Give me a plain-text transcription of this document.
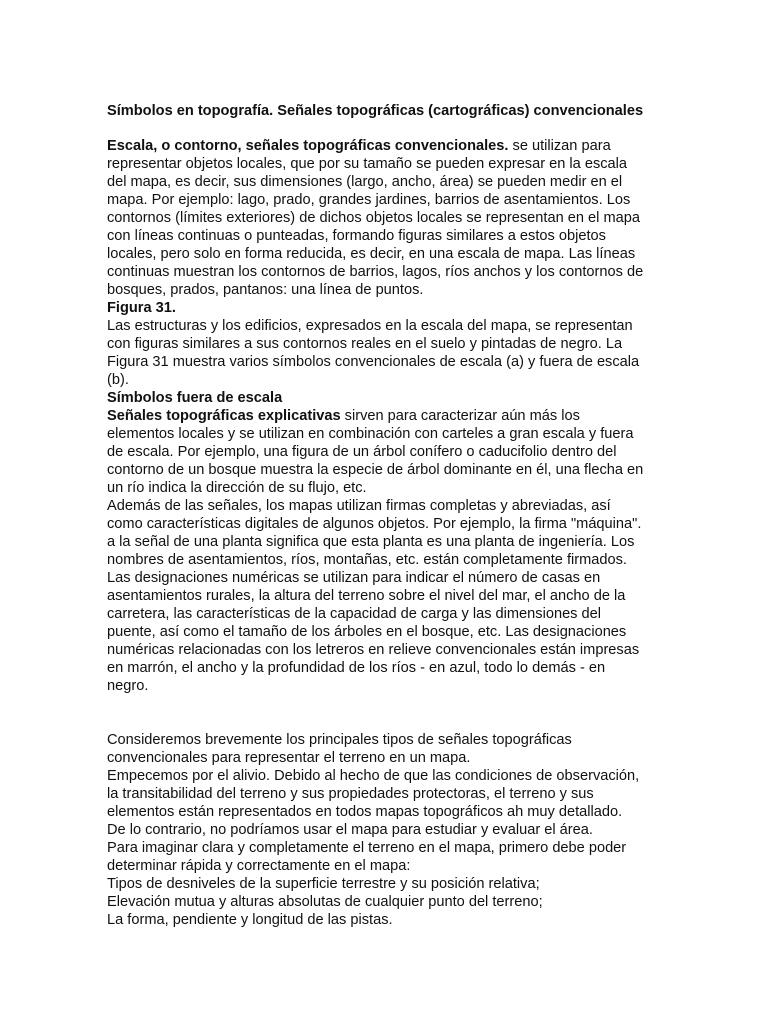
Símbolos en topografía. Señales topográficas (cartográficas) convencionales

Escala, o contorno, señales topográficas convencionales. se utilizan para

representar objetos locales, que por su tamaño se pueden expresar en la escala

del mapa, es decir, sus dimensiones (largo, ancho, área) se pueden medir en el

mapa. Por ejemplo: lago, prado, grandes jardines, barrios de asentamientos. Los

contornos (límites exteriores) de dichos objetos locales se representan en el mapa

con líneas continuas o punteadas, formando figuras similares a estos objetos

locales, pero solo en forma reducida, es decir, en una escala de mapa. Las líneas

continuas muestran los contornos de barrios, lagos, ríos anchos y los contornos de

bosques, prados, pantanos: una línea de puntos.

Figura 31.

Las estructuras y los edificios, expresados en la escala del mapa, se representan

con figuras similares a sus contornos reales en el suelo y pintadas de negro. La

Figura 31 muestra varios símbolos convencionales de escala (a) y fuera de escala

(b).

Símbolos fuera de escala

Señales topográficas explicativas sirven para caracterizar aún más los

elementos locales y se utilizan en combinación con carteles a gran escala y fuera

de escala. Por ejemplo, una figura de un árbol conífero o caducifolio dentro del

contorno de un bosque muestra la especie de árbol dominante en él, una flecha en

un río indica la dirección de su flujo, etc.

Además de las señales, los mapas utilizan firmas completas y abreviadas, así

como características digitales de algunos objetos. Por ejemplo, la firma "máquina".

a la señal de una planta significa que esta planta es una planta de ingeniería. Los

nombres de asentamientos, ríos, montañas, etc. están completamente firmados.

Las designaciones numéricas se utilizan para indicar el número de casas en

asentamientos rurales, la altura del terreno sobre el nivel del mar, el ancho de la

carretera, las características de la capacidad de carga y las dimensiones del

puente, así como el tamaño de los árboles en el bosque, etc. Las designaciones

numéricas relacionadas con los letreros en relieve convencionales están impresas

en marrón, el ancho y la profundidad de los ríos - en azul, todo lo demás - en

negro.

Consideremos brevemente los principales tipos de señales topográficas

convencionales para representar el terreno en un mapa.

Empecemos por el alivio. Debido al hecho de que las condiciones de observación,

la transitabilidad del terreno y sus propiedades protectoras, el terreno y sus

elementos están representados en todos mapas topográficos ah muy detallado.

De lo contrario, no podríamos usar el mapa para estudiar y evaluar el área.

Para imaginar clara y completamente el terreno en el mapa, primero debe poder

determinar rápida y correctamente en el mapa:

Tipos de desniveles de la superficie terrestre y su posición relativa;

Elevación mutua y alturas absolutas de cualquier punto del terreno;

La forma, pendiente y longitud de las pistas.
